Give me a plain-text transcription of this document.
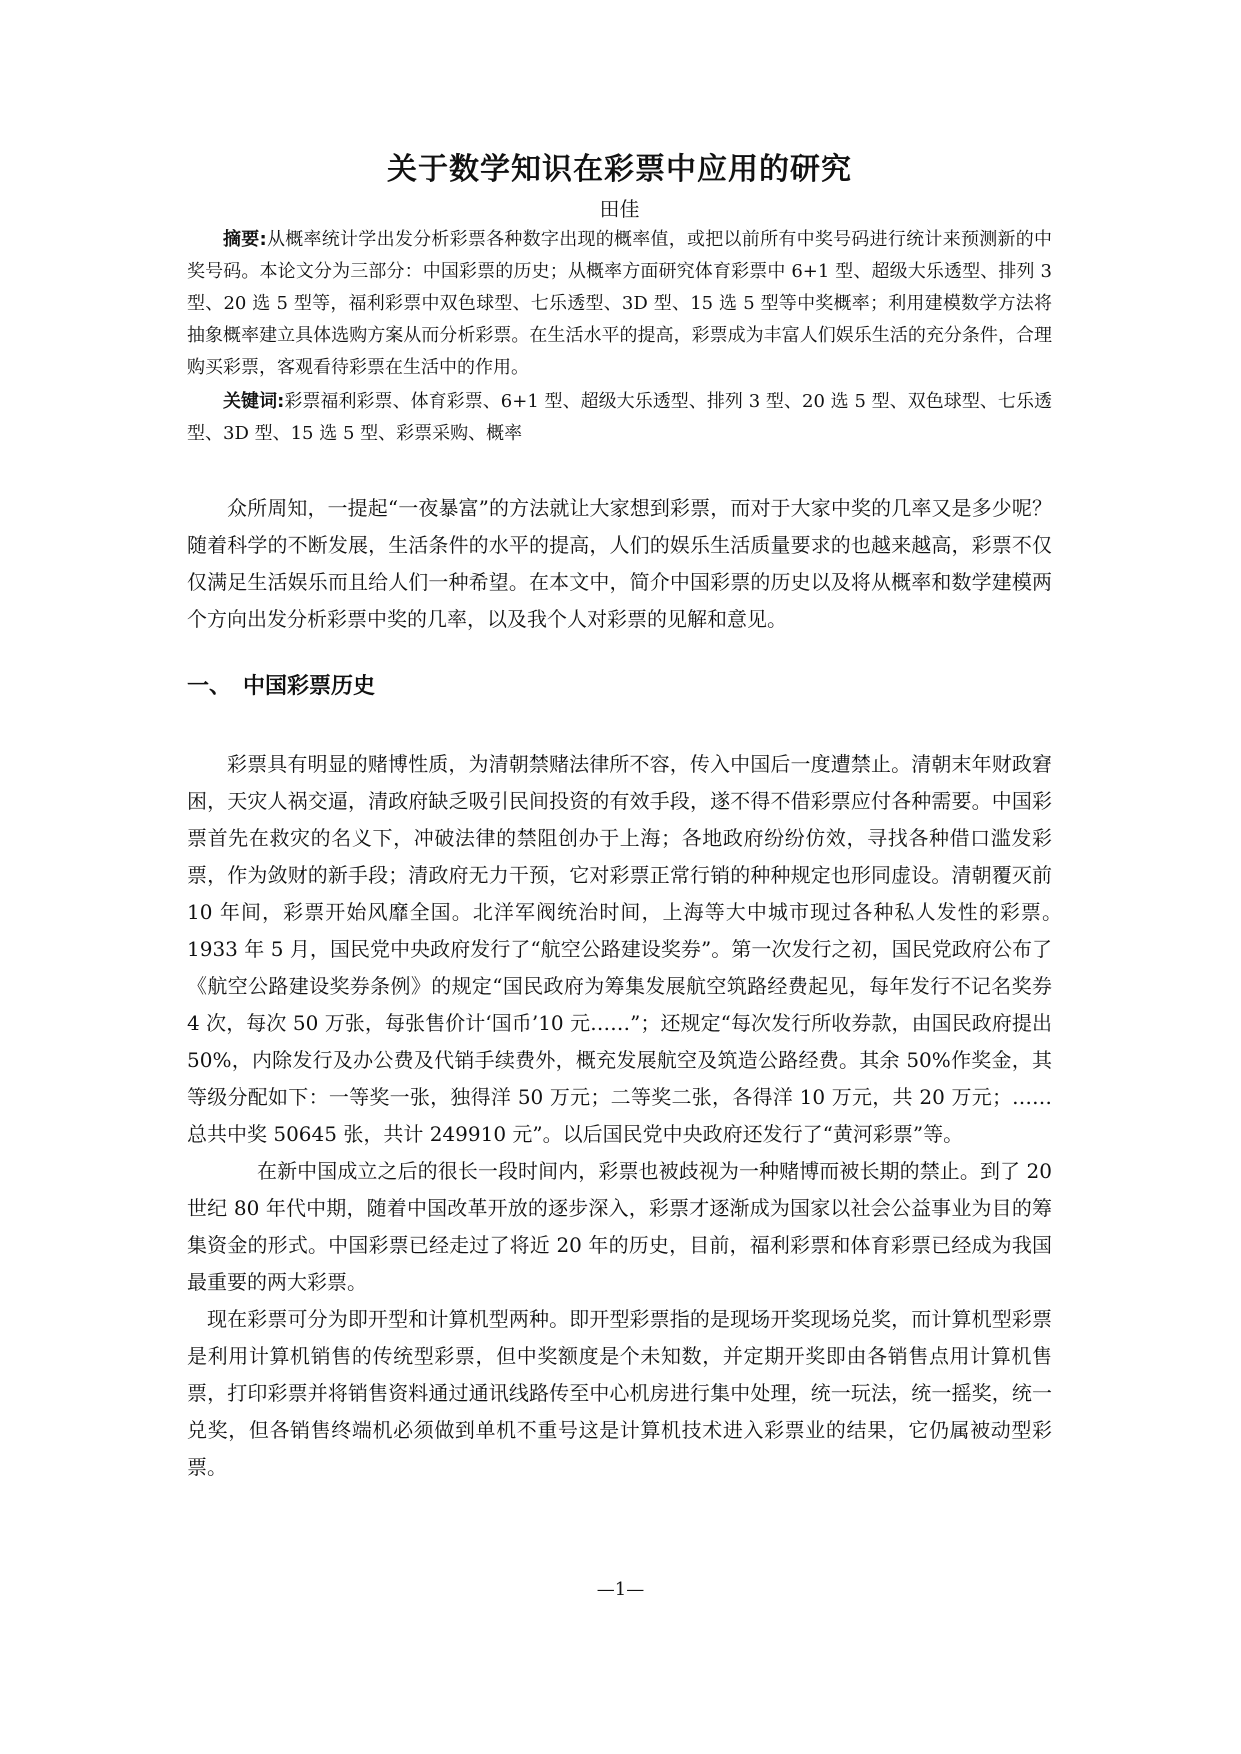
关于数学知识在彩票中应用的研究

田佳

摘要:从概率统计学出发分析彩票各种数字出现的概率值，或把以前所有中奖号码进行统计来预测新的中奖号码。本论文分为三部分：中国彩票的历史；从概率方面研究体育彩票中 6+1 型、超级大乐透型、排列 3 型、20 选 5 型等，福利彩票中双色球型、七乐透型、3D 型、15 选 5 型等中奖概率；利用建模数学方法将抽象概率建立具体选购方案从而分析彩票。在生活水平的提高，彩票成为丰富人们娱乐生活的充分条件，合理购买彩票，客观看待彩票在生活中的作用。

关键词:彩票福利彩票、体育彩票、6+1 型、超级大乐透型、排列 3 型、20 选 5 型、双色球型、七乐透型、3D 型、15 选 5 型、彩票采购、概率

众所周知，一提起“一夜暴富”的方法就让大家想到彩票，而对于大家中奖的几率又是多少呢？随着科学的不断发展，生活条件的水平的提高，人们的娱乐生活质量要求的也越来越高，彩票不仅仅满足生活娱乐而且给人们一种希望。在本文中，简介中国彩票的历史以及将从概率和数学建模两个方向出发分析彩票中奖的几率，以及我个人对彩票的见解和意见。

一、 中国彩票历史

彩票具有明显的赌博性质，为清朝禁赌法律所不容，传入中国后一度遭禁止。清朝末年财政窘困，天灾人祸交逼，清政府缺乏吸引民间投资的有效手段，遂不得不借彩票应付各种需要。中国彩票首先在救灾的名义下，冲破法律的禁阻创办于上海；各地政府纷纷仿效，寻找各种借口滥发彩票，作为敛财的新手段；清政府无力干预，它对彩票正常行销的种种规定也形同虚设。清朝覆灭前 10 年间，彩票开始风靡全国。北洋军阀统治时间，上海等大中城市现过各种私人发性的彩票。　1933 年 5 月，国民党中央政府发行了“航空公路建设奖券”。第一次发行之初，国民党政府公布了《航空公路建设奖券条例》的规定“国民政府为筹集发展航空筑路经费起见，每年发行不记名奖券 4 次，每次 50 万张，每张售价计‘国币’10 元……”；还规定“每次发行所收券款，由国民政府提出 50%，内除发行及办公费及代销手续费外，概充发展航空及筑造公路经费。其余 50%作奖金，其等级分配如下：一等奖一张，独得洋 50 万元；二等奖二张，各得洋 10 万元，共 20 万元；……总共中奖 50645 张，共计 249910 元”。以后国民党中央政府还发行了“黄河彩票”等。

在新中国成立之后的很长一段时间内，彩票也被歧视为一种赌博而被长期的禁止。到了 20 世纪 80 年代中期，随着中国改革开放的逐步深入，彩票才逐渐成为国家以社会公益事业为目的筹集资金的形式。中国彩票已经走过了将近 20 年的历史，目前，福利彩票和体育彩票已经成为我国最重要的两大彩票。

现在彩票可分为即开型和计算机型两种。即开型彩票指的是现场开奖现场兑奖，而计算机型彩票是利用计算机销售的传统型彩票，但中奖额度是个未知数，并定期开奖即由各销售点用计算机售票，打印彩票并将销售资料通过通讯线路传至中心机房进行集中处理，统一玩法，统一摇奖，统一兑奖，但各销售终端机必须做到单机不重号这是计算机技术进入彩票业的结果，它仍属被动型彩票。

—1—
